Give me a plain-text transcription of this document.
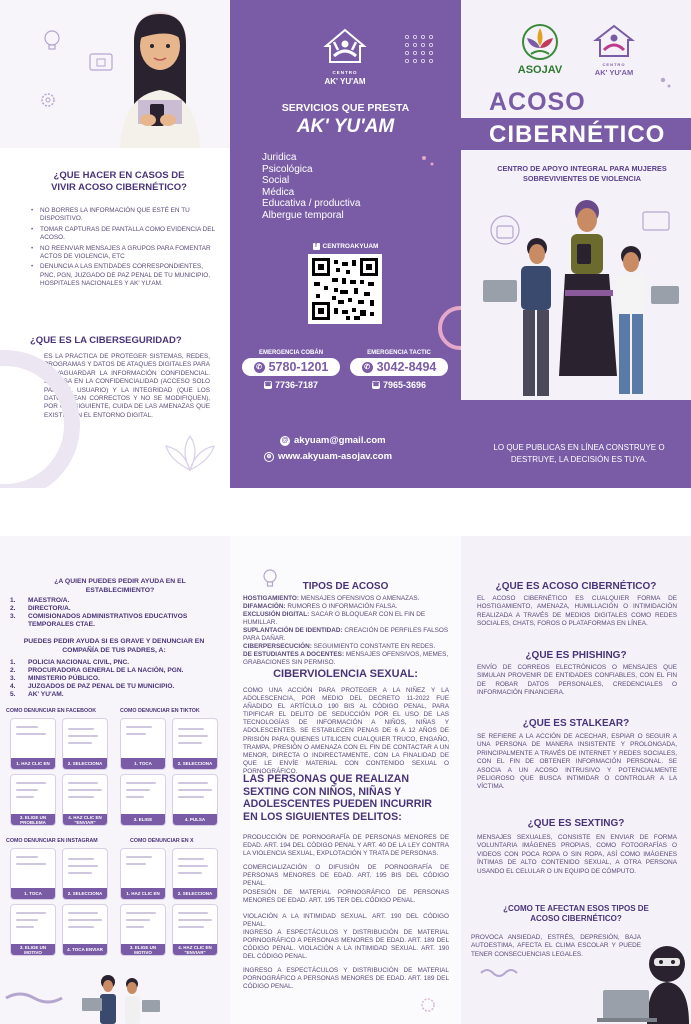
¿QUE HACER EN CASOS DE VIVIR ACOSO CIBERNÉTICO?
• NO BORRES LA INFORMACIÓN QUE ESTÉ EN TU DISPOSITIVO.
• TOMAR CAPTURAS DE PANTALLA COMO EVIDENCIA DEL ACOSO.
• NO REENVIAR MENSAJES A GRUPOS PARA FOMENTAR ACTOS DE VIOLENCIA, ETC
• DENUNCIA A LAS ENTIDADES CORRESPONDIENTES, PNC, PGN, JUZGADO DE PAZ PENAL DE TU MUNICIPIO, HOSPITALES NACIONALES Y AK' YU'AM.
¿QUE ES LA CIBERSEGURIDAD?
ES LA PRACTICA DE PROTEGER SISTEMAS, REDES, PROGRAMAS Y DATOS DE ATAQUES DIGITALES PARA SALVAGUARDAR LA INFORMACIÓN CONFIDENCIAL. SE BASA EN LA CONFIDENCIALIDAD (ACCESO SOLO PARA EL USUARIO) Y LA INTEGRIDAD (QUE LOS DATOS SEAN CORRECTOS Y NO SE MODIFIQUEN), POR CONSIGUIENTE, CUIDA DE LAS AMENAZAS QUE EXISTEN EN EL ENTORNO DIGITAL.
CENTRO
AK' YU'AM
SERVICIOS QUE PRESTA
AK' YU'AM
• Juridica
• Psicológica
• Social
• Médica
• Educativa / productiva
• Albergue temporal
f CENTROAKYUAM
EMERGENCIA COBÁN
✆ 5780-1201
☎ 7736-7187
EMERGENCIA TACTIC
✆ 3042-8494
☎ 7965-3696
@ akyuam@gmail.com
⊕ www.akyuam-asojav.com
ASOJAV	CENTRO
AK' YU'AM
ACOSO
CIBERNÉTICO
CENTRO DE APOYO INTEGRAL PARA MUJERES SOBREVIVIENTES DE VIOLENCIA
LO QUE PUBLICAS EN LÍNEA CONSTRUYE O DESTRUYE, LA DECISIÓN ES TUYA.
¿A QUIEN PUEDES PEDIR AYUDA EN EL ESTABLECIMIENTO?
1. MAESTRO/A.
2. DIRECTOR/A.
3. COMISIONADOS ADMINISTRATIVOS EDUCATIVOS TEMPORALES CTAE.
PUEDES PEDIR AYUDA SI ES GRAVE Y DENUNCIAR EN COMPAÑÍA DE TUS PADRES, A:
1. POLICIA NACIONAL CIVIL, PNC.
2. PROCURADORA GENERAL DE LA NACIÓN, PGN.
3. MINISTERIO PÚBLICO.
4. JUZGADOS DE PAZ PENAL DE TU MUNICIPIO.
5. AK' YU'AM.
COMO DENUNCIAR EN FACEBOOK	COMO DENUNCIAR EN TIKTOK
1. HAZ CLIC EN	2. SELECCIONA	1. TOCA	2. SELECCIONA
3. ELIGE UN PROBLEMA
4. HAZ CLIC EN "ENVIAR"	3. ELIGE	4. PULSA
COMO DENUNCIAR EN INSTAGRAM	COMO DENUNCIAR EN X
1. TOCA	2. SELECCIONA	1. HAZ CLIC EN	2. SELECCIONA
3. ELIGE UN MOTIVO	4. TOCA ENVIAR	3. ELIGE UN MOTIVO
4. HAZ CLIC EN "ENVIAR"
TIPOS DE ACOSO
HOSTIGAMIENTO: MENSAJES OFENSIVOS O AMENAZAS.
DIFAMACIÓN: RUMORES O INFORMACIÓN FALSA.
EXCLUSIÓN DIGITAL: SACAR O BLOQUEAR CON EL FIN DE HUMILLAR.
SUPLANTACIÓN DE IDENTIDAD: CREACIÓN DE PERFILES FALSOS PARA DAÑAR.
CIBERPERSECUCIÓN: SEGUIMIENTO CONSTANTE EN REDES.
DE ESTUDIANTES A DOCENTES: MENSAJES OFENSIVOS, MEMES, GRABACIONES SIN PERMISO.
CIBERVIOLENCIA SEXUAL:
COMO UNA ACCIÓN PARA PROTEGER A LA NIÑEZ Y LA ADOLESCENCIA, POR MEDIO DEL DECRETO 11-2022 FUE AÑADIDO EL ARTÍCULO 190 BIS AL CÓDIGO PENAL, PARA TIPIFICAR EL DELITO DE SEDUCCIÓN POR EL USO DE LAS TECNOLOGÍAS DE INFORMACIÓN A NIÑOS, NIÑAS Y ADOLESCENTES. SE ESTABLECEN PENAS DE 6 A 12 AÑOS DE PRISIÓN PARA QUIENES UTILICEN CUALQUIER TRUCO, ENGAÑO, TRAMPA, PRESIÓN O AMENAZA CON EL FIN DE CONTACTAR A UN MENOR, DIRECTA O INDIRECTAMENTE, CON LA FINALIDAD DE QUE LE ENVÍE MATERIAL CON CONTENIDO SEXUAL O PORNOGRÁFICO.
LAS PERSONAS QUE REALIZAN SEXTING CON NIÑOS, NIÑAS Y ADOLESCENTES PUEDEN INCURRIR EN LOS SIGUIENTES DELITOS:
PRODUCCIÓN DE PORNOGRAFÍA DE PERSONAS MENORES DE EDAD. ART. 194 DEL CÓDIGO PENAL Y ART. 40 DE LA LEY CONTRA LA VIOLENCIA SEXUAL, EXPLOTACIÓN Y TRATA DE PERSONAS.
COMERCIALIZACIÓN O DIFUSIÓN DE PORNOGRAFÍA DE PERSONAS MENORES DE EDAD. ART. 195 BIS DEL CÓDIGO PENAL.
POSESIÓN DE MATERIAL PORNOGRÁFICO DE PERSONAS MENORES DE EDAD. ART. 195 TER DEL CÓDIGO PENAL.
VIOLACIÓN A LA INTIMIDAD SEXUAL. ART. 190 DEL CÓDIGO PENAL.
INGRESO A ESPECTÁCULOS Y DISTRIBUCIÓN DE MATERIAL PORNOGRÁFICO A PERSONAS MENORES DE EDAD. ART. 189 DEL CÓDIGO PENAL. VIOLACIÓN A LA INTIMIDAD SEXUAL. ART. 190 DEL CÓDIGO PENAL.
INGRESO A ESPECTÁCULOS Y DISTRIBUCIÓN DE MATERIAL PORNOGRÁFICO A PERSONAS MENORES DE EDAD. ART. 189 DEL CÓDIGO PENAL.
¿QUE ES ACOSO CIBERNÉTICO?
EL ACOSO CIBERNÉTICO ES CUALQUIER FORMA DE HOSTIGAMIENTO, AMENAZA, HUMILLACIÓN O INTIMIDACIÓN REALIZADA A TRAVÉS DE MEDIOS DIGITALES COMO REDES SOCIALES, CHATS, FOROS O PLATAFORMAS EN LÍNEA.
¿QUE ES PHISHING?
ENVÍO DE CORREOS ELECTRÓNICOS O MENSAJES QUE SIMULAN PROVENIR DE ENTIDADES CONFIABLES, CON EL FIN DE ROBAR DATOS PERSONALES, CREDENCIALES O INFORMACIÓN FINANCIERA.
¿QUE ES STALKEAR?
SE REFIERE A LA ACCIÓN DE ACECHAR, ESPIAR O SEGUIR A UNA PERSONA DE MANERA INSISTENTE Y PROLONGADA, PRINCIPALMENTE A TRAVÉS DE INTERNET Y REDES SOCIALES, CON EL FIN DE OBTENER INFORMACIÓN PERSONAL. SE ASOCIA A UN ACOSO INTRUSIVO Y POTENCIALMENTE PELIGROSO QUE BUSCA INTIMIDAR O CONTROLAR A LA VÍCTIMA.
¿QUE ES SEXTING?
MENSAJES SEXUALES, CONSISTE EN ENVIAR DE FORMA VOLUNTARIA IMÁGENES PROPIAS, COMO FOTOGRAFÍAS O VIDEOS CON POCA ROPA O SIN ROPA, ASÍ COMO IMÁGENES ÍNTIMAS DE ALTO CONTENIDO SEXUAL, A OTRA PERSONA USANDO EL CELULAR O UN EQUIPO DE CÓMPUTO.
¿COMO TE AFECTAN ESOS TIPOS DE ACOSO CIBERNÉTICO?
PROVOCA ANSIEDAD, ESTRÉS, DEPRESIÓN, BAJA AUTOESTIMA, AFECTA EL CLIMA ESCOLAR Y PUEDE TENER CONSECUENCIAS LEGALES.
